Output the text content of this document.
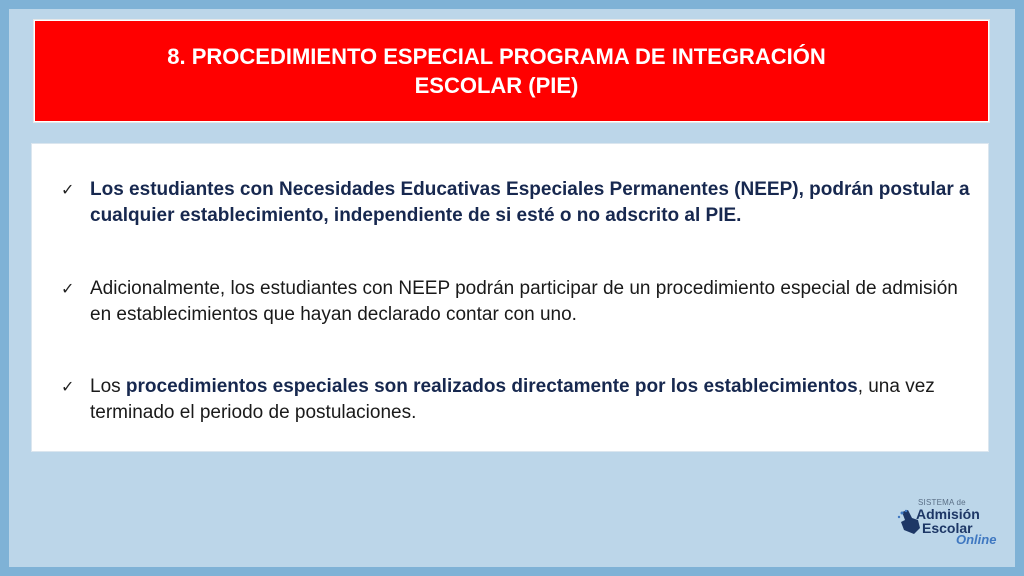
8. PROCEDIMIENTO ESPECIAL PROGRAMA DE INTEGRACIÓN
ESCOLAR (PIE)
✓ Los estudiantes con Necesidades Educativas Especiales Permanentes (NEEP), podrán postular a cualquier establecimiento, independiente de si esté o no adscrito al PIE.
✓ Adicionalmente, los estudiantes con NEEP podrán participar de un procedimiento especial de admisión en establecimientos que hayan declarado contar con uno.
✓ Los procedimientos especiales son realizados directamente por los establecimientos, una vez terminado el periodo de postulaciones.
SISTEMA de
Admisión
Escolar
Online
